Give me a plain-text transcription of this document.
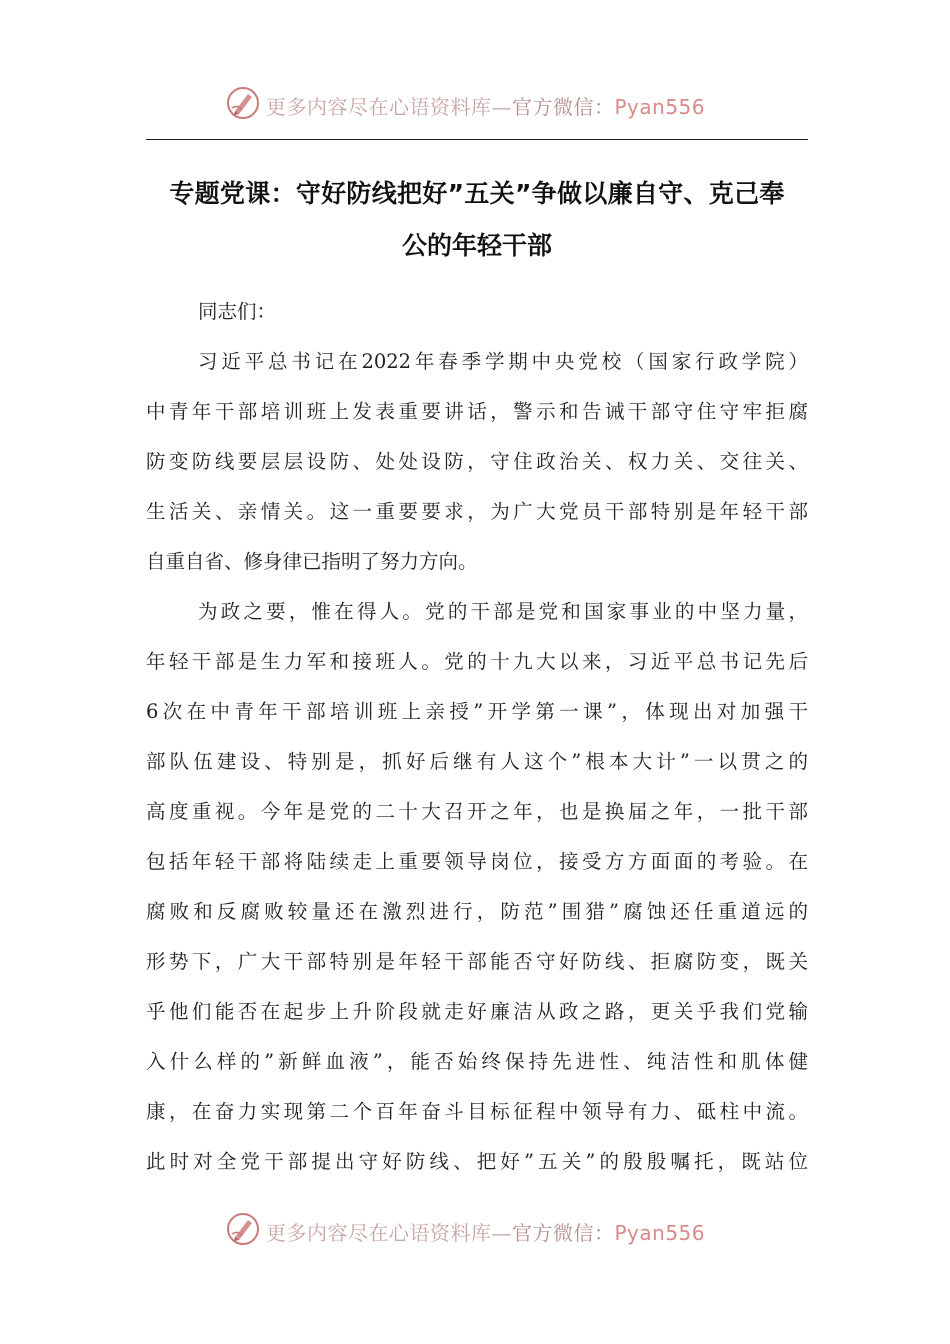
更多内容尽在心语资料库—官方微信：Pyan556
专题党课：守好防线把好”五关”争做以廉自守、克己奉
公的年轻干部
同志们：
习近平总书记在2022年春季学期中央党校（国家行政学院）
中青年干部培训班上发表重要讲话，警示和告诫干部守住守牢拒腐
防变防线要层层设防、处处设防，守住政治关、权力关、交往关、
生活关、亲情关。这一重要要求，为广大党员干部特别是年轻干部
自重自省、修身律已指明了努力方向。
为政之要，惟在得人。党的干部是党和国家事业的中坚力量，
年轻干部是生力军和接班人。党的十九大以来，习近平总书记先后
6次在中青年干部培训班上亲授”开学第一课”，体现出对加强干
部队伍建设、特别是，抓好后继有人这个”根本大计”一以贯之的
高度重视。今年是党的二十大召开之年，也是换届之年，一批干部
包括年轻干部将陆续走上重要领导岗位，接受方方面面的考验。在
腐败和反腐败较量还在激烈进行，防范”围猎”腐蚀还任重道远的
形势下，广大干部特别是年轻干部能否守好防线、拒腐防变，既关
乎他们能否在起步上升阶段就走好廉洁从政之路，更关乎我们党输
入什么样的”新鲜血液”，能否始终保持先进性、纯洁性和肌体健
康，在奋力实现第二个百年奋斗目标征程中领导有力、砥柱中流。
此时对全党干部提出守好防线、把好”五关”的殷殷嘱托，既站位
更多内容尽在心语资料库—官方微信：Pyan556
